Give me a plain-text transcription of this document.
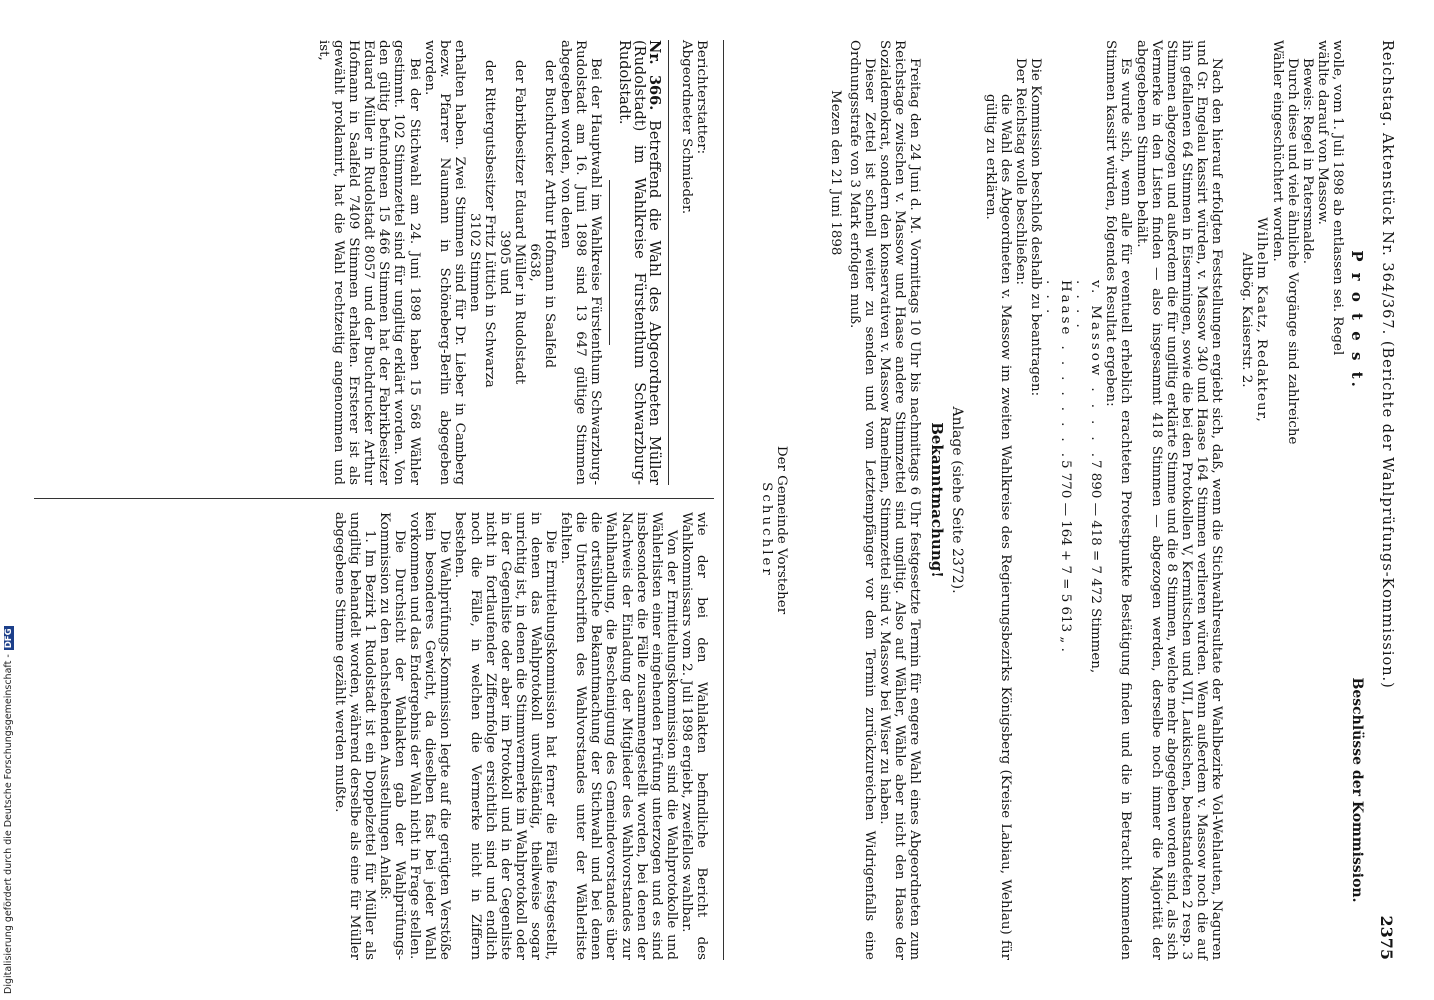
Reichstag. Aktenstück Nr. 364/367. (Berichte der Wahlprüfungs-Kommission.)
2375
P r o t e s t.

wolle, vom 1. Juli 1898 ab entlassen sei. Regel

wählte darauf von Massow.

Beweis: Regel in Patersmalde.

Durch diese und viele ähnliche Vorgänge sind zahlreiche

Wähler eingeschüchtert worden.

Wilhelm Kaatz, Redakteur,

Altbög. Kaiserstr. 2.

Beschlüsse der Kommission.

Nach den hierauf erfolgten Feststellungen ergiebt sich, daß, wenn die Stichwahlresultate der Wahlbezirke Vol-Wehlauten, Naguren und Gr. Engelau kassirt würden, v. Massow 340 und Haase 164 Stimmen verlieren würden. Wenn außerdem v. Massow noch die auf ihn gefallenen 64 Stimmen in Eisermingen, sowie die bei den Protokollen V, Kermitschen und VII, Laukischen, beanstandeten 2 resp. 3 Stimmen abgezogen und außerdem die für ungiltig erklärte Stimme und die 8 Stimmen, welche mehr abgegeben worden sind, als sich Vermerke in den Listen finden — also insgesammt 418 Stimmen — abgezogen werden, derselbe noch immer die Majorität der abgegebenen Stimmen behält.

Es wurde sich, wenn alle für eventuell erheblich erachteten Protestpunkte Bestätigung finden und die in Betracht kommenden Stimmen kassirt würden, folgendes Resultat ergeben:

v. Massow . . . . . . . . .
7 890 — 418 = 7 472 Stimmen,
Haase . . . . . . . . . . .
5 770 — 164 + 7 = 5 613 „ .

Die Kommission beschloß deshalb zu beantragen:

Der Reichstag wolle beschließen:

die Wahl des Abgeordneten v. Massow im zweiten Wahlkreise des Regierungsbezirks Königsberg (Kreise Labiau, Wehlau) für gültig zu erklären.

Anlage (siehe Seite 2372).
Bekanntmachung!

Freitag den 24 Juni d. M. Vormittags 10 Uhr bis nachmittags 6 Uhr festgesetzte Termin für engere Wahl eines Abgeordneten zum Reichstage zwischen v. Massow und Haase andere Stimmzettel sind ungiltig. Also auf Wähler, Wähle aber nicht den Haase der Sozialdemokrat, sondern den konservativen v. Massow Ramelmen, Stimmzettel sind v. Massow bei Wiser zu haben.

Dieser Zettel ist schnell weiter zu senden und vom Letztempfänger vor dem Termin zurückzureichen Widrigenfalls eine Ordnungsstrafe von 3 Mark erfolgen muß.

Mezen den 21 Juni 1898

Der Gemeinde Vorsteher

Schuchler

Berichterstatter:

Abgeordneter Schmieder.

Nr. 366. Betreffend die Wahl des Abgeordneten Müller (Rudolstadt) im Wahlkreise Fürstenthum Schwarzburg-Rudolstadt.

Bei der Hauptwahl im Wahlkreise Fürstenthum Schwarzburg-Rudolstadt am 16. Juni 1898 sind 13 647 gültige Stimmen abgegeben worden, von denen

der Buchdrucker Arthur Hofmann in Saalfeld

6638,

der Fabrikbesitzer Eduard Müller in Rudolstadt

3905 und

der Rittergutsbesitzer Fritz Lüttich in Schwarza

3102 Stimmen

erhalten haben. Zwei Stimmen sind für Dr. Lieber in Camberg bezw. Pfarrer Naumann in Schöneberg-Berlin abgegeben worden.

Bei der Stichwahl am 24. Juni 1898 haben 15 568 Wähler gestimmt. 102 Stimmzettel sind für ungiltig erklärt worden. Von den gültig befundenen 15 466 Stimmen hat der Fabrikbesitzer Eduard Müller in Rudolstadt 8057 und der Buchdrucker Arthur Hofmann in Saalfeld 7409 Stimmen erhalten. Ersterer ist als gewählt proklamirt, hat die Wahl rechtzeitig angenommen und ist,

wie der bei den Wahlakten befindliche Bericht des Wahlkommissars vom 2. Juli 1898 ergiebt, zweifellos wahlbar.

Von der Ermittelungskommission sind die Wahlprotokolle und Wählerlisten einer eingehenden Prüfung unterzogen und es sind insbesondere die Fälle zusammengestellt worden, bei denen der Nachweis der Einladung der Mitglieder des Wahlvorstandes zur Wahlhandlung, die Bescheinigung des Gemeindevorstandes über die ortsübliche Bekanntmachung der Stichwahl und bei denen die Unterschriften des Wahlvorstandes unter der Wählerliste fehlten.

Die Ermittelungskommission hat ferner die Fälle festgestellt, in denen das Wahlprotokoll unvollständig, theilweise sogar unrichtig ist, in denen die Stimmvermerke im Wahlprotokoll oder in der Gegenliste oder aber im Protokoll und in der Gegenliste nicht in fortlaufender Ziffernfolge ersichtlich sind und endlich noch die Fälle, in welchen die Vermerke nicht in Ziffern bestehen.

Die Wahlprüfungs-Kommission legte auf die gerügten Verstöße kein besonderes Gewicht, da dieselben fast bei jeder Wahl vorkommen und das Endergebnis der Wahl nicht in Frage stellen.

Die Durchsicht der Wahlakten gab der Wahlprüfungs-Kommission zu den nachstehenden Ausstellungen Anlaß:

1. Im Bezirk 1 Rudolstadt ist ein Doppelzettel für Müller als ungiltig behandelt worden, während derselbe als eine für Müller abgegebene Stimme gezählt werden mußte.

Digitalisierung gefördert durch die Deutsche Forschungsgemeinschaft -DFG
